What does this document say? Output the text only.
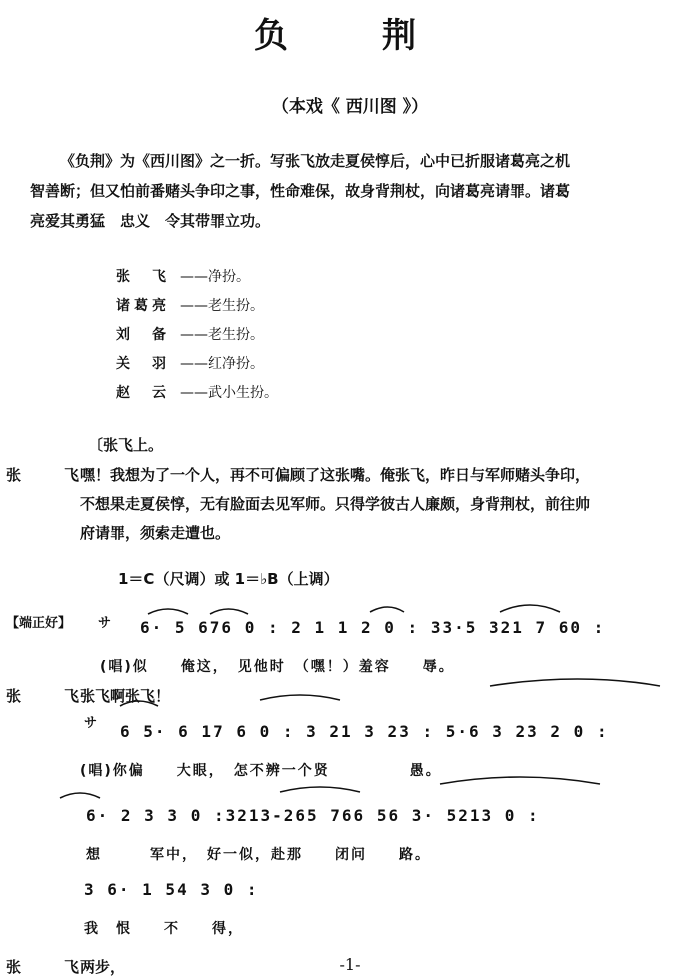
负　荆
（本戏《 西川图 》）
《负荆》为《西川图》之一折。写张飞放走夏侯惇后，心中已折服诸葛亮之机
智善断；但又怕前番赌头争印之事，性命难保，故身背荆杖，向诸葛亮请罪。诸葛
亮爱其勇猛　忠义　令其带罪立功。
张　飞 ——净扮。
诸葛亮 ——老生扮。
刘　备 ——老生扮。
关　羽 ——红净扮。
赵　云 ——武小生扮。
〔张飞上。
张　飞
嘿！我想为了一个人，再不可偏顾了这张嘴。俺张飞，昨日与军师赌头争印，
不想果走夏侯惇，无有脸面去见军师。只得学彼古人廉颇，身背荆杖，前往帅
府请罪，须索走遭也。
1＝C（尺调）或 1＝♭B（上调）
【端正好】 サ 6· 5 676 0 : 2 1 1 2 0 : 33·5 321 7 60 :
(唱)似　　俺这，　见他时　（嘿！）羞容　　辱。
张　飞
张飞啊张飞！
サ 6 5· 6 17 6 0 : 3 21 3 23 : 5·6 3 23 2 0 :
(唱)你偏　　大眼，　怎不辨一个贤　　　　　愚。
6· 2 3 3 0 :3213-265 766 56 3· 5213 0 :
想　　　军中，　好一似，赴那　　闭问　　路。
3 6· 1 54 3 0 :
我　恨　　不　　得，
张　飞
两步，	-1-
